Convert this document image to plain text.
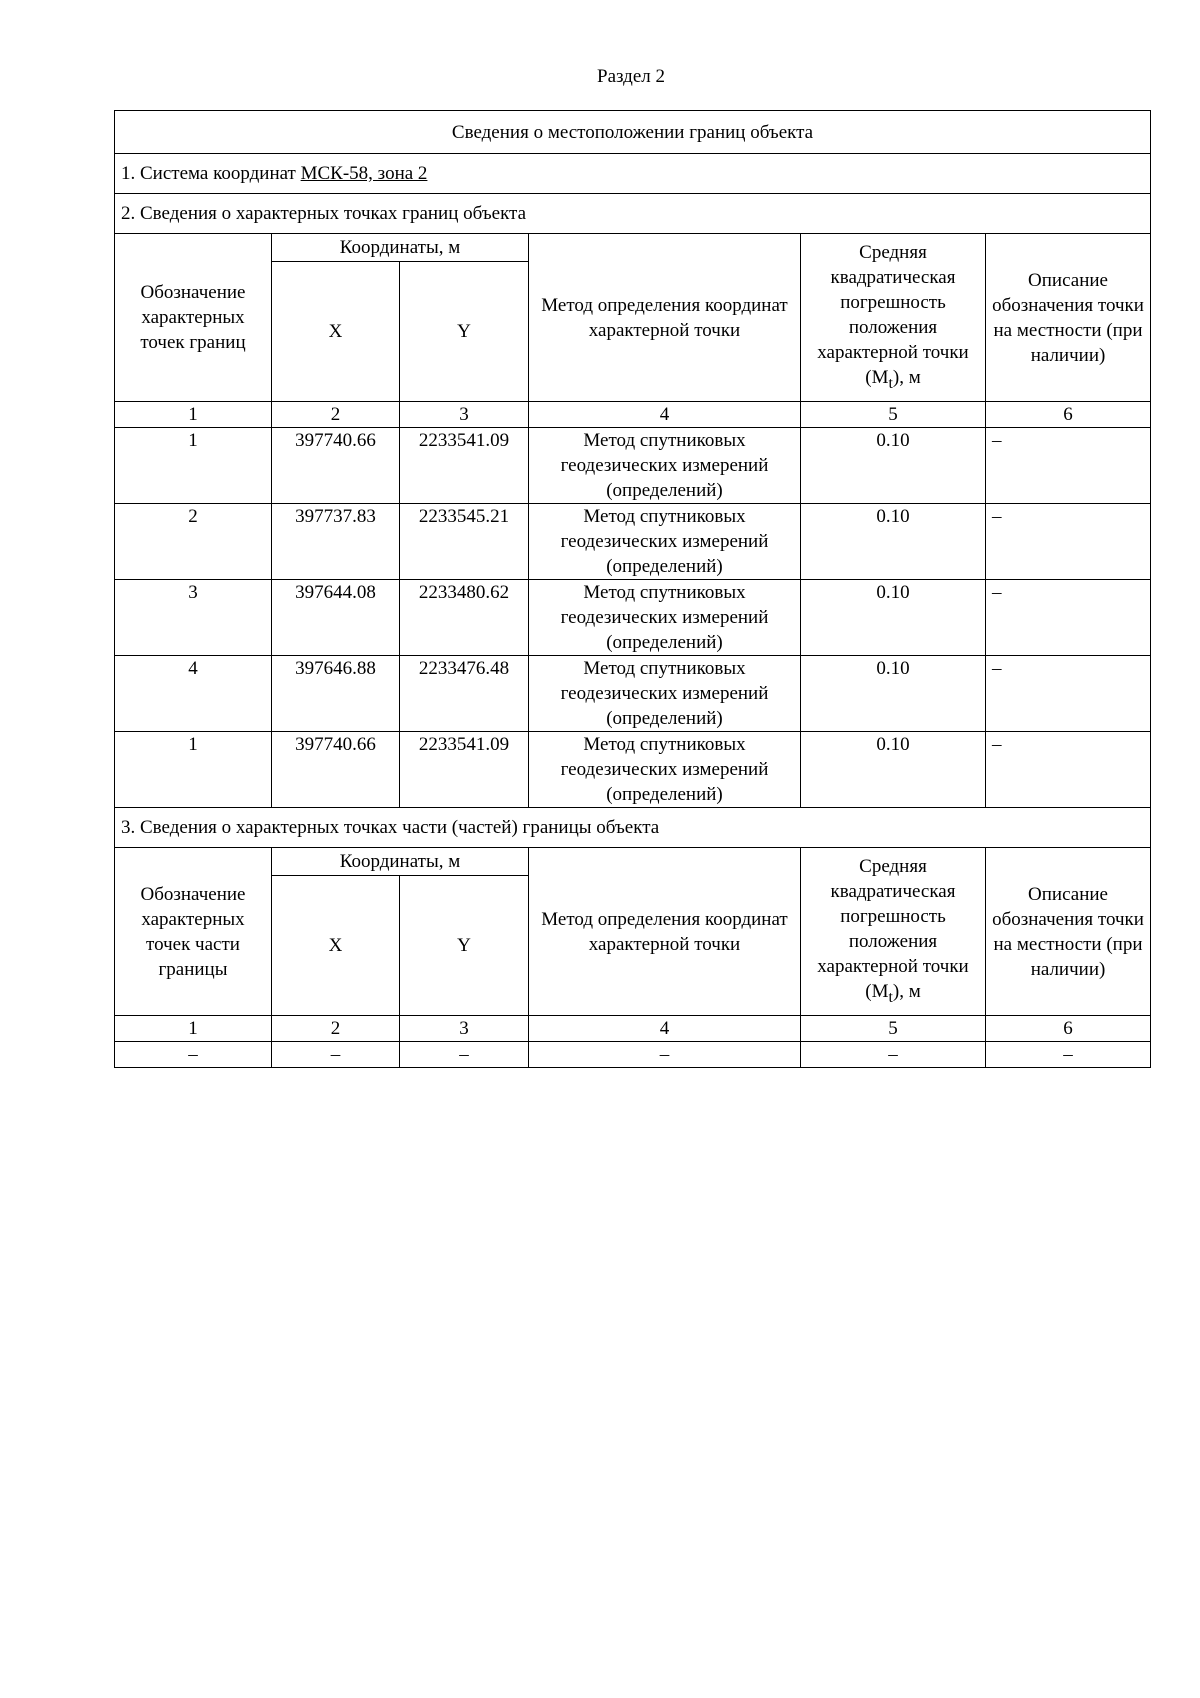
Раздел 2
Сведения о местоположении границ объекта					
1. Система координат МСК-58, зона 2					
2. Сведения о характерных точках границ объекта					
Обозначение характерных точек границ	Координаты, м		Метод определения координат характерной точки	Средняя квадратическая погрешность положения характерной точки $(M_t)$, м	Описание обозначения точки на местности (при наличии)
	X	Y			
1	2	3	4	5	6
1	397740.66	2233541.09	Метод спутниковых геодезических измерений (определений)	0.10	–
2	397737.83	2233545.21	Метод спутниковых геодезических измерений (определений)	0.10	–
3	397644.08	2233480.62	Метод спутниковых геодезических измерений (определений)	0.10	–
4	397646.88	2233476.48	Метод спутниковых геодезических измерений (определений)	0.10	–
1	397740.66	2233541.09	Метод спутниковых геодезических измерений (определений)	0.10	–
3. Сведения о характерных точках части (частей) границы объекта					
Обозначение характерных точек части границы	Координаты, м		Метод определения координат характерной точки	Средняя квадратическая погрешность положения характерной точки $(M_t)$, м	Описание обозначения точки на местности (при наличии)
	X	Y			
1	2	3	4	5	6
–	–	–	–	–	–
